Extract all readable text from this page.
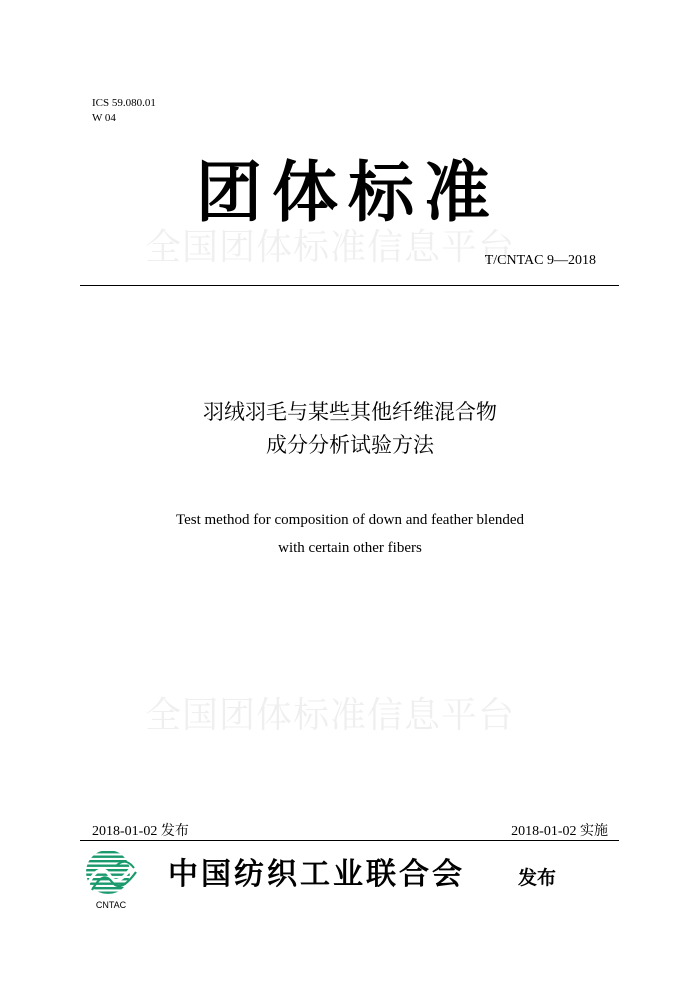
ICS 59.080.01
W 04
团体标准
全国团体标准信息平台
T/CNTAC 9—2018
羽绒羽毛与某些其他纤维混合物
成分分析试验方法
Test method for composition of down and feather blended
with certain other fibers
全国团体标准信息平台
2018-01-02 发布	2018-01-02 实施
CNTAC
中国纺织工业联合会	发布
